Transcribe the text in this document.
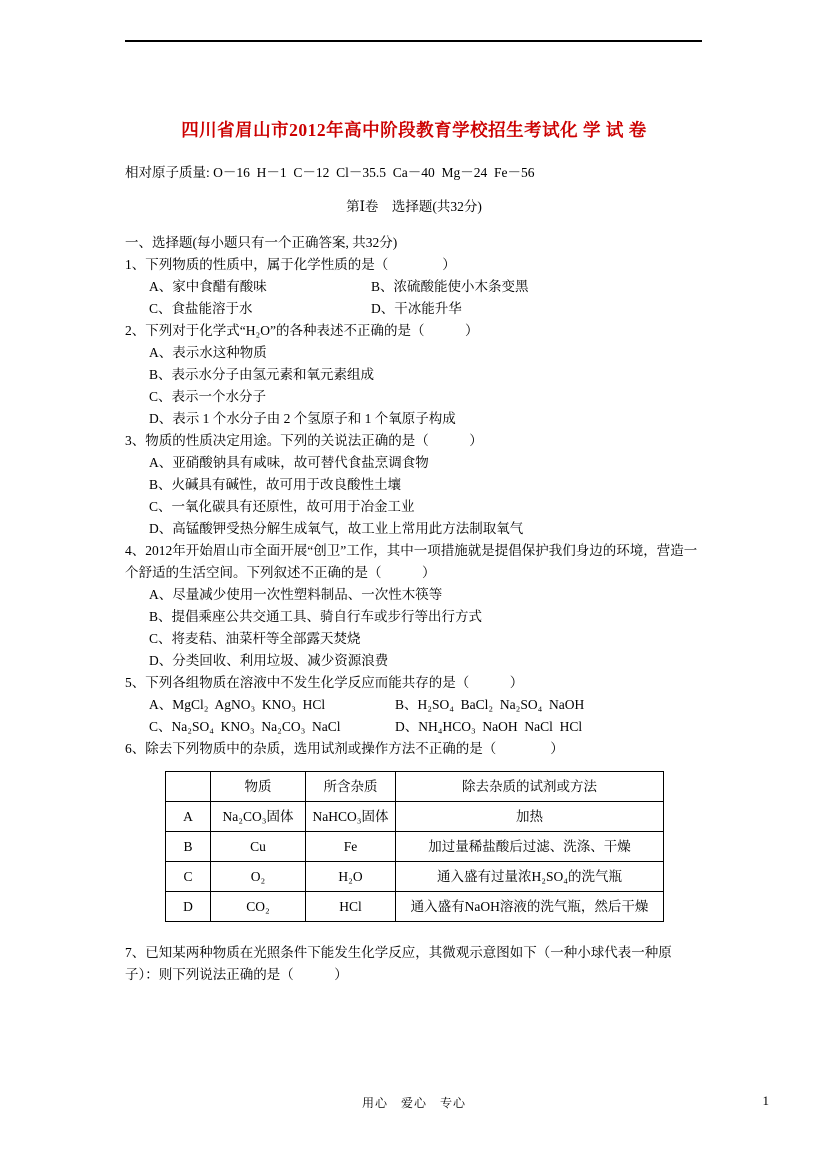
四川省眉山市2012年高中阶段教育学校招生考试化 学 试 卷

相对原子质量: O－16  H－1  C－12  Cl－35.5  Ca－40  Mg－24  Fe－56

第Ⅰ卷　选择题(共32分)

一、选择题(每小题只有一个正确答案, 共32分)

1、下列物质的性质中，属于化学性质的是（　　　　）

A、家中食醋有酸味	B、浓硫酸能使小木条变黑
C、食盐能溶于水	D、干冰能升华

2、下列对于化学式“H₂O”的各种表述不正确的是（　　　）

A、表示水这种物质
B、表示水分子由氢元素和氧元素组成
C、表示一个水分子
D、表示 1 个水分子由 2 个氢原子和 1 个氧原子构成

3、物质的性质决定用途。下列的关说法正确的是（　　　）

A、亚硝酸钠具有咸味，故可替代食盐烹调食物
B、火碱具有碱性，故可用于改良酸性土壤
C、一氧化碳具有还原性，故可用于冶金工业
D、高锰酸钾受热分解生成氧气，故工业上常用此方法制取氧气

4、2012年开始眉山市全面开展“创卫”工作，其中一项措施就是提倡保护我们身边的环境，营造一个舒适的生活空间。下列叙述不正确的是（　　　）

A、尽量减少使用一次性塑料制品、一次性木筷等
B、提倡乘座公共交通工具、骑自行车或步行等出行方式
C、将麦秸、油菜杆等全部露天焚烧
D、分类回收、利用垃圾、减少资源浪费

5、下列各组物质在溶液中不发生化学反应而能共存的是（　　　）

A、MgCl₂  AgNO₃  KNO₃  HCl	B、H₂SO₄  BaCl₂  Na₂SO₄  NaOH
C、Na₂SO₄  KNO₃  Na₂CO₃  NaCl	D、NH₄HCO₃  NaOH  NaCl  HCl

6、除去下列物质中的杂质，选用试剂或操作方法不正确的是（　　　　）

	物质	所含杂质	除去杂质的试剂或方法
A	Na₂CO₃固体	NaHCO₃固体	加热
B	Cu	Fe	加过量稀盐酸后过滤、洗涤、干燥
C	O₂	H₂O	通入盛有过量浓H₂SO₄的洗气瓶
D	CO₂	HCl	通入盛有NaOH溶液的洗气瓶，然后干燥

7、已知某两种物质在光照条件下能发生化学反应，其微观示意图如下（一种小球代表一种原子）：则下列说法正确的是（　　　）

用心　爱心　专心	1
